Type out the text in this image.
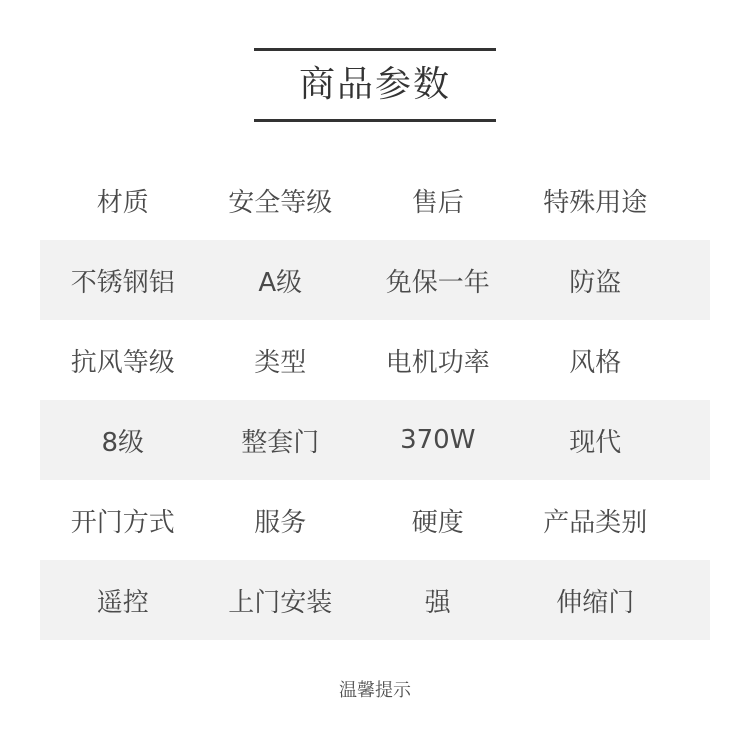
商品参数
材质	安全等级	售后	特殊用途
不锈钢铝	A级	免保一年	防盗
抗风等级	类型	电机功率	风格
8级	整套门	370W	现代
开门方式	服务	硬度	产品类别
遥控	上门安装	强	伸缩门
温馨提示
